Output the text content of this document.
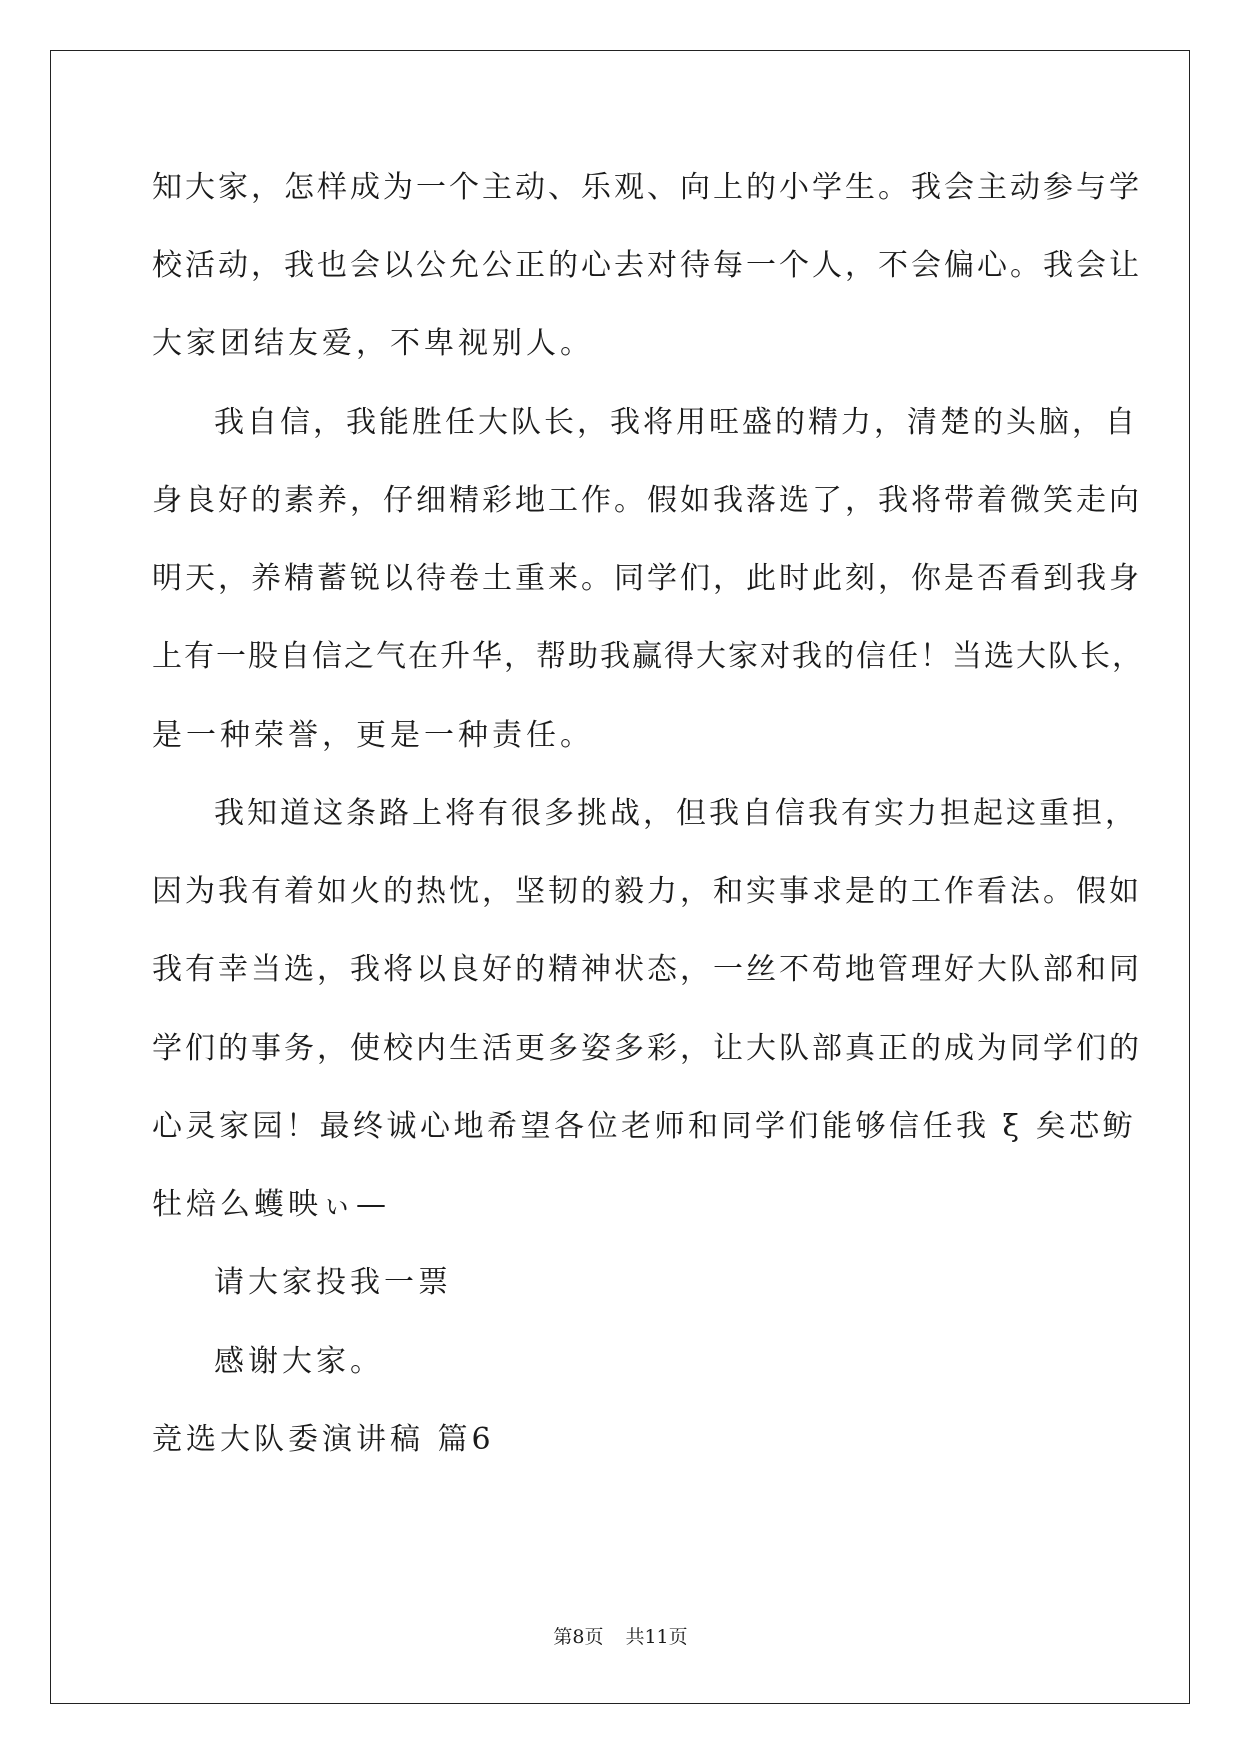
知大家，怎样成为一个主动、乐观、向上的小学生。我会主动参与学
校活动，我也会以公允公正的心去对待每一个人，不会偏心。我会让
大家团结友爱，不卑视别人。
我自信，我能胜任大队长，我将用旺盛的精力，清楚的头脑，自
身良好的素养，仔细精彩地工作。假如我落选了，我将带着微笑走向
明天，养精蓄锐以待卷土重来。同学们，此时此刻，你是否看到我身
上有一股自信之气在升华，帮助我赢得大家对我的信任！当选大队长，
是一种荣誉，更是一种责任。
我知道这条路上将有很多挑战，但我自信我有实力担起这重担，
因为我有着如火的热忱，坚韧的毅力，和实事求是的工作看法。假如
我有幸当选，我将以良好的精神状态，一丝不苟地管理好大队部和同
学们的事务，使校内生活更多姿多彩，让大队部真正的成为同学们的
心灵家园！最终诚心地希望各位老师和同学们能够信任我 ξ 矣芯鲂
牡焙么蠖映ぃ—
请大家投我一票
感谢大家。
竞选大队委演讲稿 篇6
第8页 共11页
